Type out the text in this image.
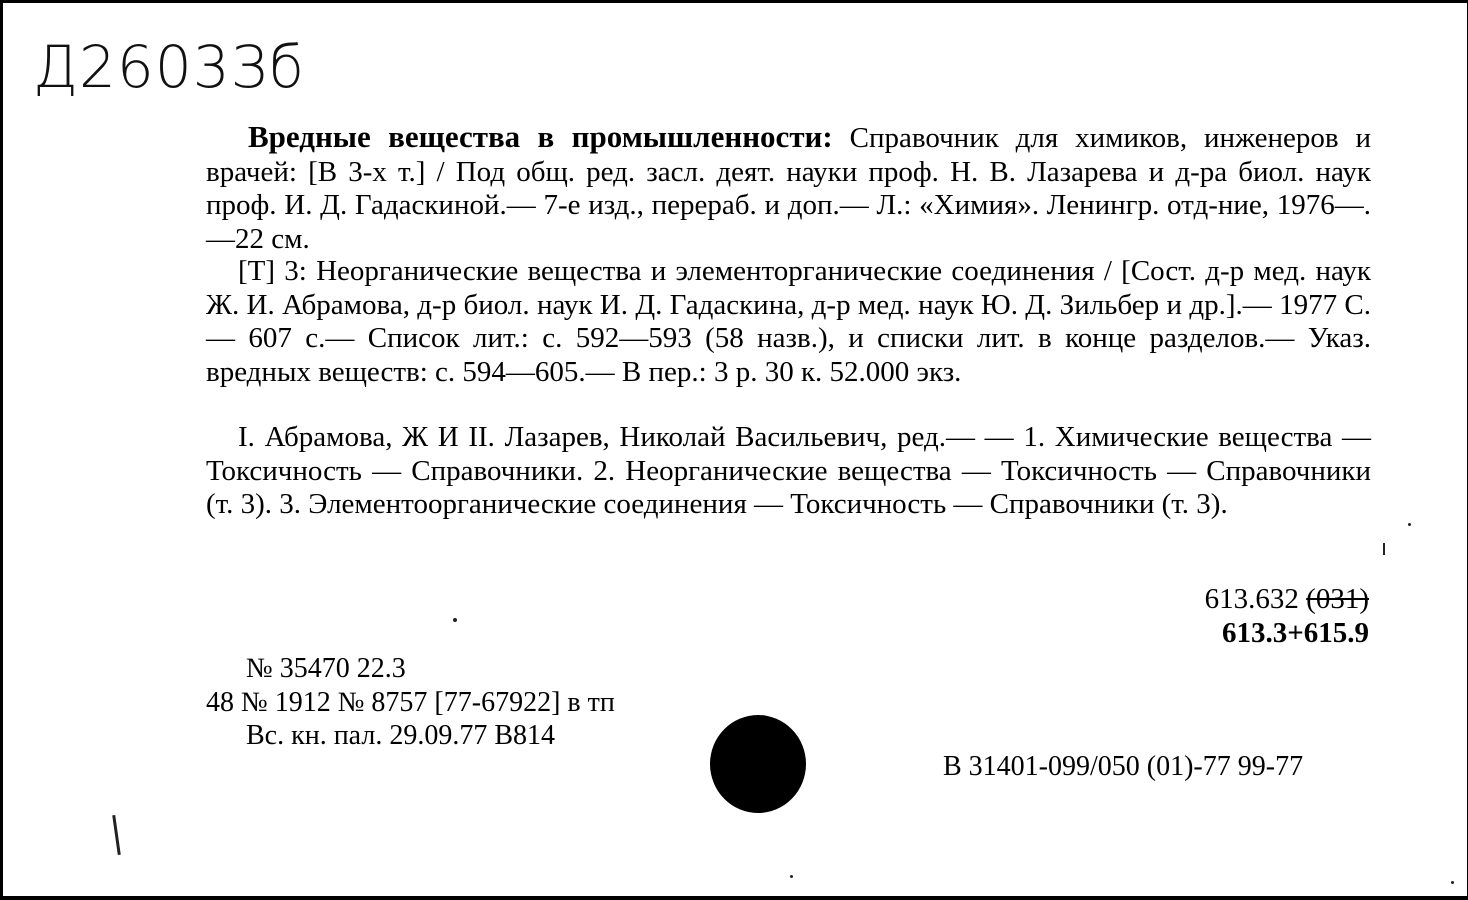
Д2603Зб
Вредные вещества в промышленности: Справочник для химиков, инженеров и врачей: [В 3-х т.] / Под общ. ред. засл. деят. науки проф. Н. В. Лазарева и д-ра биол. наук проф. И. Д. Гадаскиной.— 7-е изд., перераб. и доп.— Л.: «Химия». Ленингр. отд-ние, 1976—. —22 см.
[Т] 3: Неорганические вещества и элементорганические соединения / [Сост. д-р мед. наук Ж. И. Абрамова, д-р биол. наук И. Д. Гадаскина, д-р мед. наук Ю. Д. Зильбер и др.].— 1977 С.— 607 с.— Список лит.: с. 592—593 (58 назв.), и списки лит. в конце разделов.— Указ. вредных веществ: с. 594—605.— В пер.: 3 р. 30 к. 52.000 экз.
I. Абрамова, Ж И II. Лазарев, Николай Васильевич, ред.— — 1. Химические вещества — Токсичность — Справочники. 2. Неорганические вещества — Токсичность — Справочники (т. 3). 3. Элементоорганические соединения — Токсичность — Справочники (т. 3).
613.632 (031)
613.3+615.9
№ 35470 22.3
48 № 1912 № 8757 [77-67922] в тп
Вс. кн. пал. 29.09.77 В814
В 31401-099/050 (01)-77 99-77
